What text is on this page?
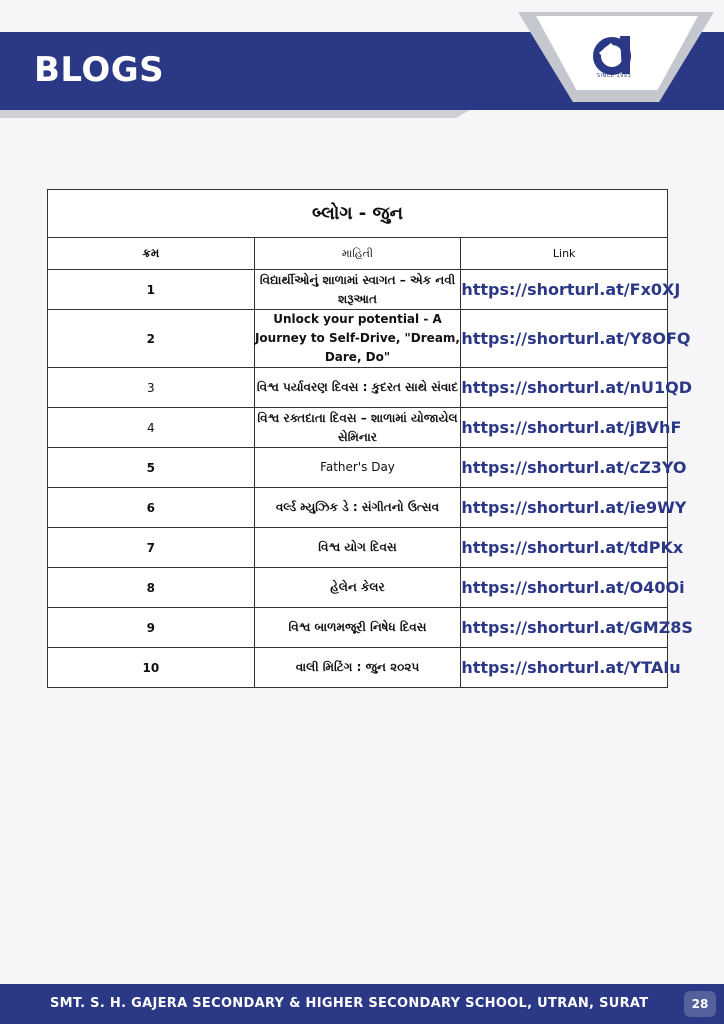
BLOGS	SINCE 1993
બ્લોગ - જુન		
ક્રમ	માહિતી	Link
1	વિદ્યાર્થીઓનું શાળામાં સ્વાગત – એક નવી શરૂઆત	https://shorturl.at/Fx0XJ
2	Unlock your potential - A Journey to Self-Drive, "Dream, Dare, Do"	https://shorturl.at/Y8OFQ
3	વિશ્વ પર્યાવરણ દિવસ : કુદરત સાથે સંવાદ	https://shorturl.at/nU1QD
4	વિશ્વ રક્તદાતા દિવસ – શાળામાં યોજાયેલ સેમિનાર	https://shorturl.at/jBVhF
5	Father's Day	https://shorturl.at/cZ3YO
6	વર્લ્ડ મ્યુઝિક ડે : સંગીતનો ઉત્સવ	https://shorturl.at/ie9WY
7	વિશ્વ યોગ દિવસ	https://shorturl.at/tdPKx
8	હેલેન કેલર	https://shorturl.at/O40Oi
9	વિશ્વ બાળમજૂરી નિષેધ દિવસ	https://shorturl.at/GMZ8S
10	વાલી મિટિંગ : જુન ૨૦૨૫	https://shorturl.at/YTAIu
SMT. S. H. GAJERA SECONDARY & HIGHER SECONDARY SCHOOL, UTRAN, SURAT	28
